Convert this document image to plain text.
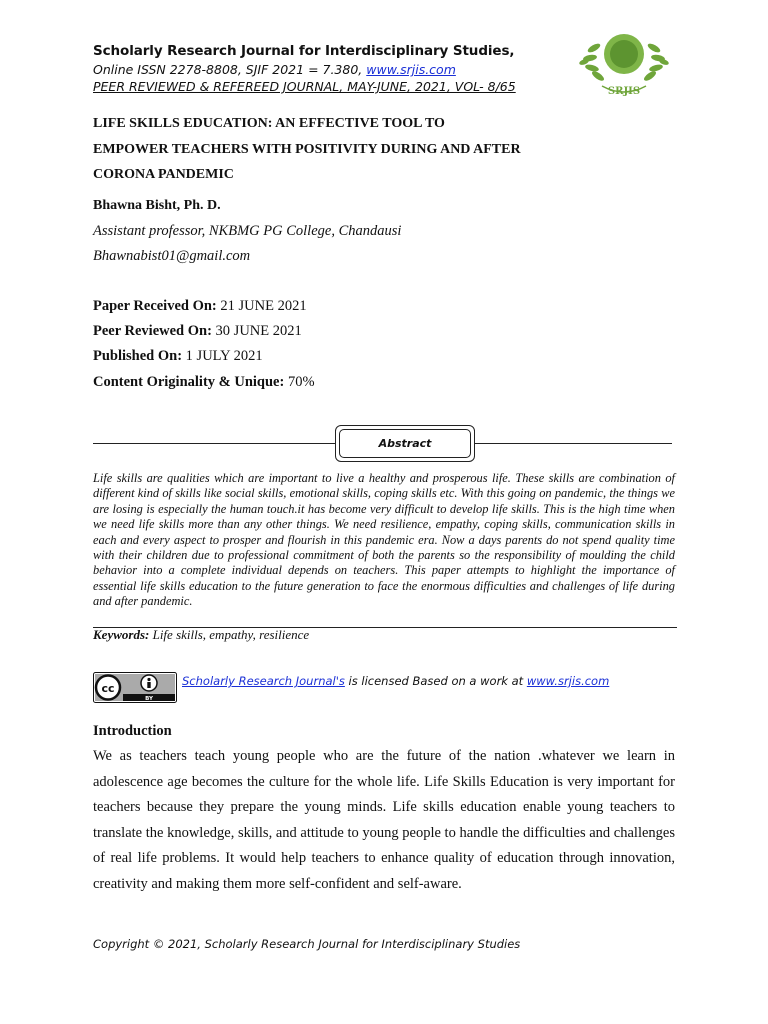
Scholarly Research Journal for Interdisciplinary Studies,
Online ISSN 2278-8808, SJIF 2021 = 7.380, www.srjis.com
PEER REVIEWED & REFEREED JOURNAL, MAY-JUNE, 2021, VOL- 8/65	SRJIS
LIFE SKILLS EDUCATION: AN EFFECTIVE TOOL TO
EMPOWER TEACHERS WITH POSITIVITY DURING AND AFTER
CORONA PANDEMIC
Bhawna Bisht, Ph. D.
Assistant professor, NKBMG PG College, Chandausi
Bhawnabist01@gmail.com
Paper Received On: 21 JUNE 2021
Peer Reviewed On: 30 JUNE 2021
Published On: 1 JULY 2021
Content Originality & Unique: 70%
Abstract
Life skills are qualities which are important to live a healthy and prosperous life. These skills are combination of different kind of skills like social skills, emotional skills, coping skills etc. With this going on pandemic, the things we are losing is especially the human touch.it has become very difficult to develop life skills. This is the high time when we need life skills more than any other things. We need resilience, empathy, coping skills, communication skills in each and every aspect to prosper and flourish in this pandemic era. Now a days parents do not spend quality time with their children due to professional commitment of both the parents so the responsibility of moulding the child behavior into a complete individual depends on teachers. This paper attempts to highlight the importance of essential life skills education to the future generation to face the enormous difficulties and challenges of life during and after pandemic.
Keywords: Life skills, empathy, resilience
cc
BY
Scholarly Research Journal's is licensed Based on a work at www.srjis.com
Introduction
We as teachers teach young people who are the future of the nation .whatever we learn in adolescence age becomes the culture for the whole life. Life Skills Education is very important for teachers because they prepare the young minds. Life skills education enable young teachers to translate the knowledge, skills, and attitude to young people to handle the difficulties and challenges of real life problems. It would help teachers to enhance quality of education through innovation, creativity and making them more self-confident and self-aware.
Copyright © 2021, Scholarly Research Journal for Interdisciplinary Studies
